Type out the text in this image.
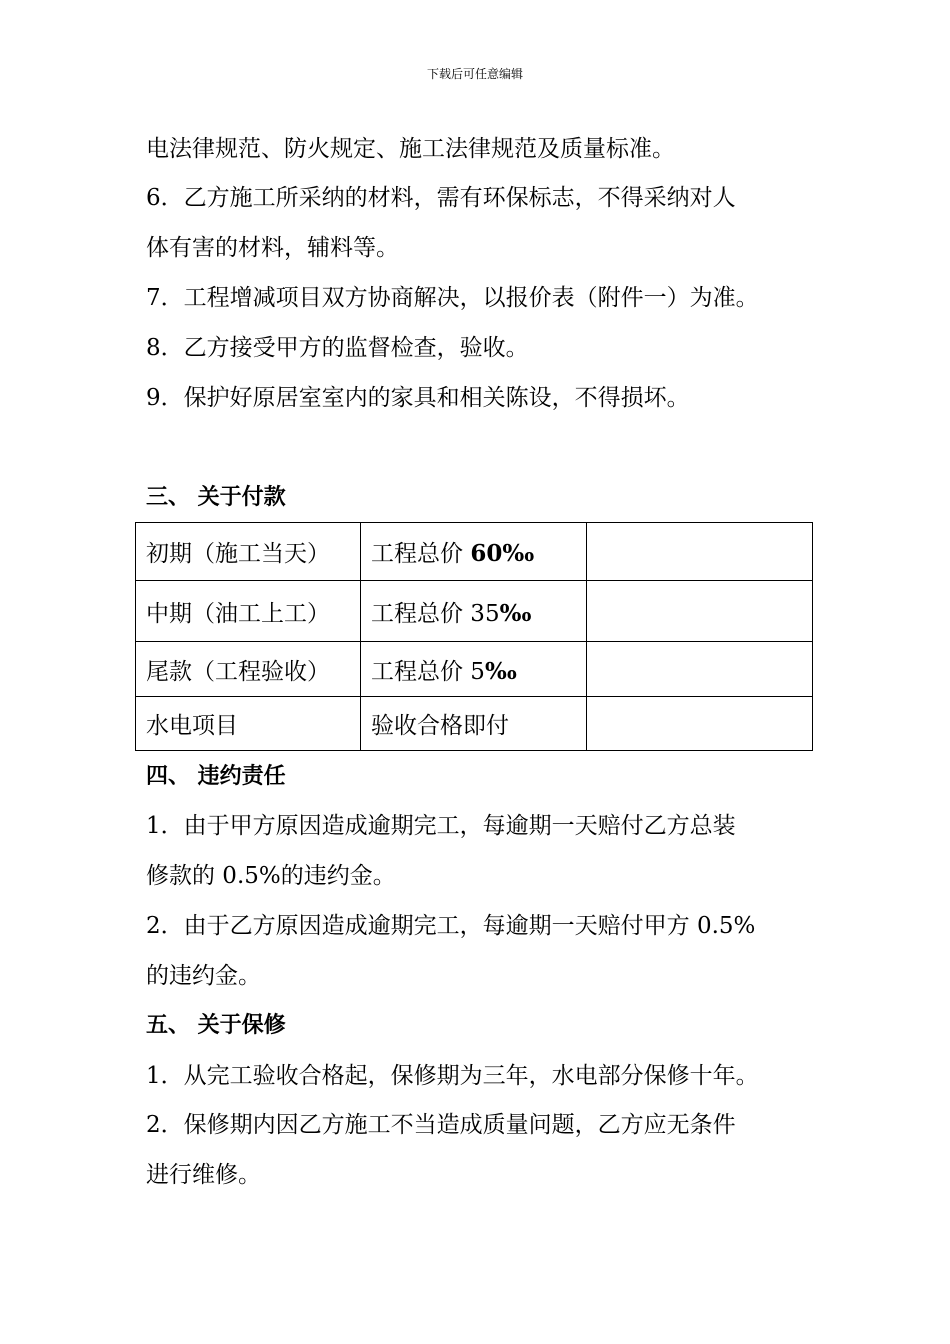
下载后可任意编辑
电法律规范、防火规定、施工法律规范及质量标准。
6．乙方施工所采纳的材料，需有环保标志，不得采纳对人
体有害的材料，辅料等。
7．工程增减项目双方协商解决，以报价表（附件一）为准。
8．乙方接受甲方的监督检查，验收。
9．保护好原居室室内的家具和相关陈设，不得损坏。
三、 关于付款
初期（施工当天）	工程总价 60‰	
中期（油工上工）	工程总价 35‰	
尾款（工程验收）	工程总价 5‰	
水电项目	验收合格即付	
四、 违约责任
1．由于甲方原因造成逾期完工，每逾期一天赔付乙方总装
修款的 0.5%的违约金。
2．由于乙方原因造成逾期完工，每逾期一天赔付甲方 0.5%
的违约金。
五、 关于保修
1．从完工验收合格起，保修期为三年，水电部分保修十年。
2．保修期内因乙方施工不当造成质量问题，乙方应无条件
进行维修。
